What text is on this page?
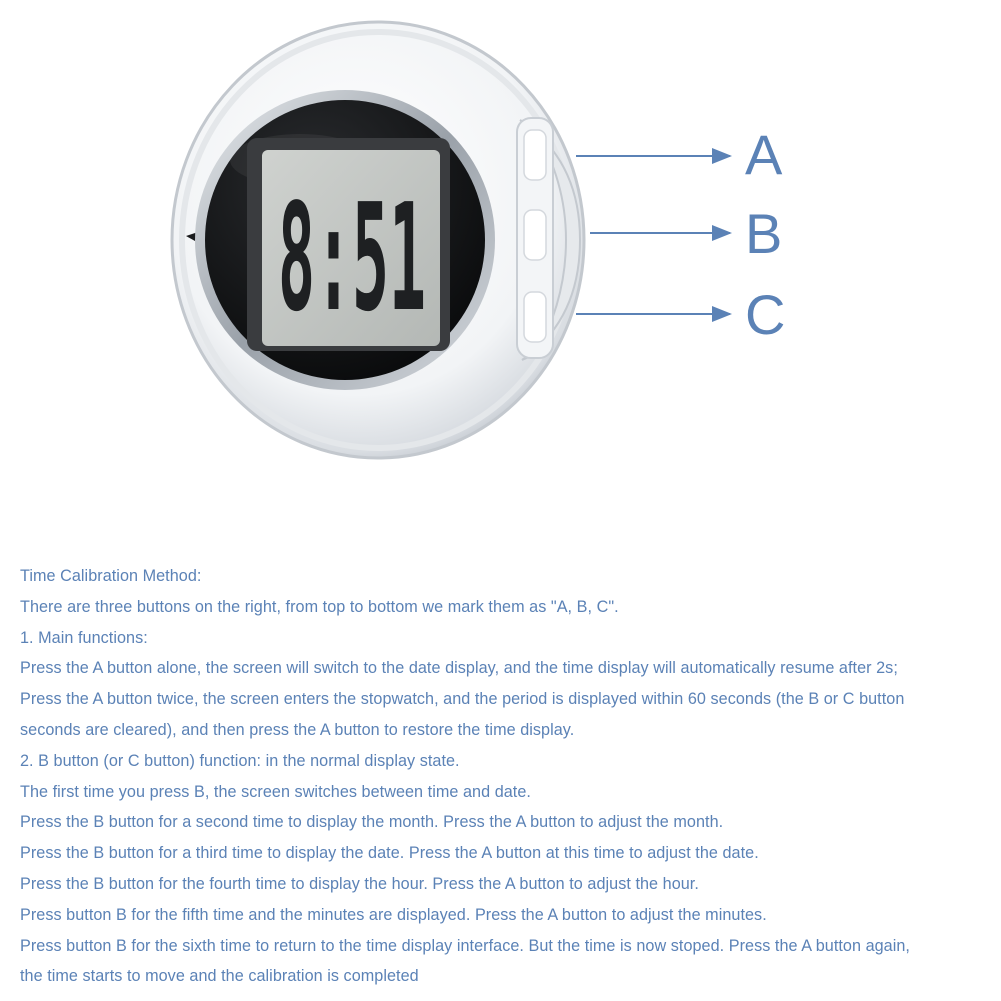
8:51
A
B
C
Time Calibration Method:
There are three buttons on the right, from top to bottom we mark them as "A, B, C".
1. Main functions:
Press the A button alone, the screen will switch to the date display, and the time display will automatically resume after 2s;
Press the A button twice, the screen enters the stopwatch, and the period is displayed within 60 seconds (the B or C button
seconds are cleared), and then press the A button to restore the time display.
2. B button (or C button) function: in the normal display state.
The first time you press B, the screen switches between time and date.
Press the B button for a second time to display the month. Press the A button to adjust the month.
Press the B button for a third time to display the date. Press the A button at this time to adjust the date.
Press the B button for the fourth time to display the hour. Press the A button to adjust the hour.
Press button B for the fifth time and the minutes are displayed. Press the A button to adjust the minutes.
Press button B for the sixth time to return to the time display interface. But the time is now stoped. Press the A button again,
the time starts to move and the calibration is completed
